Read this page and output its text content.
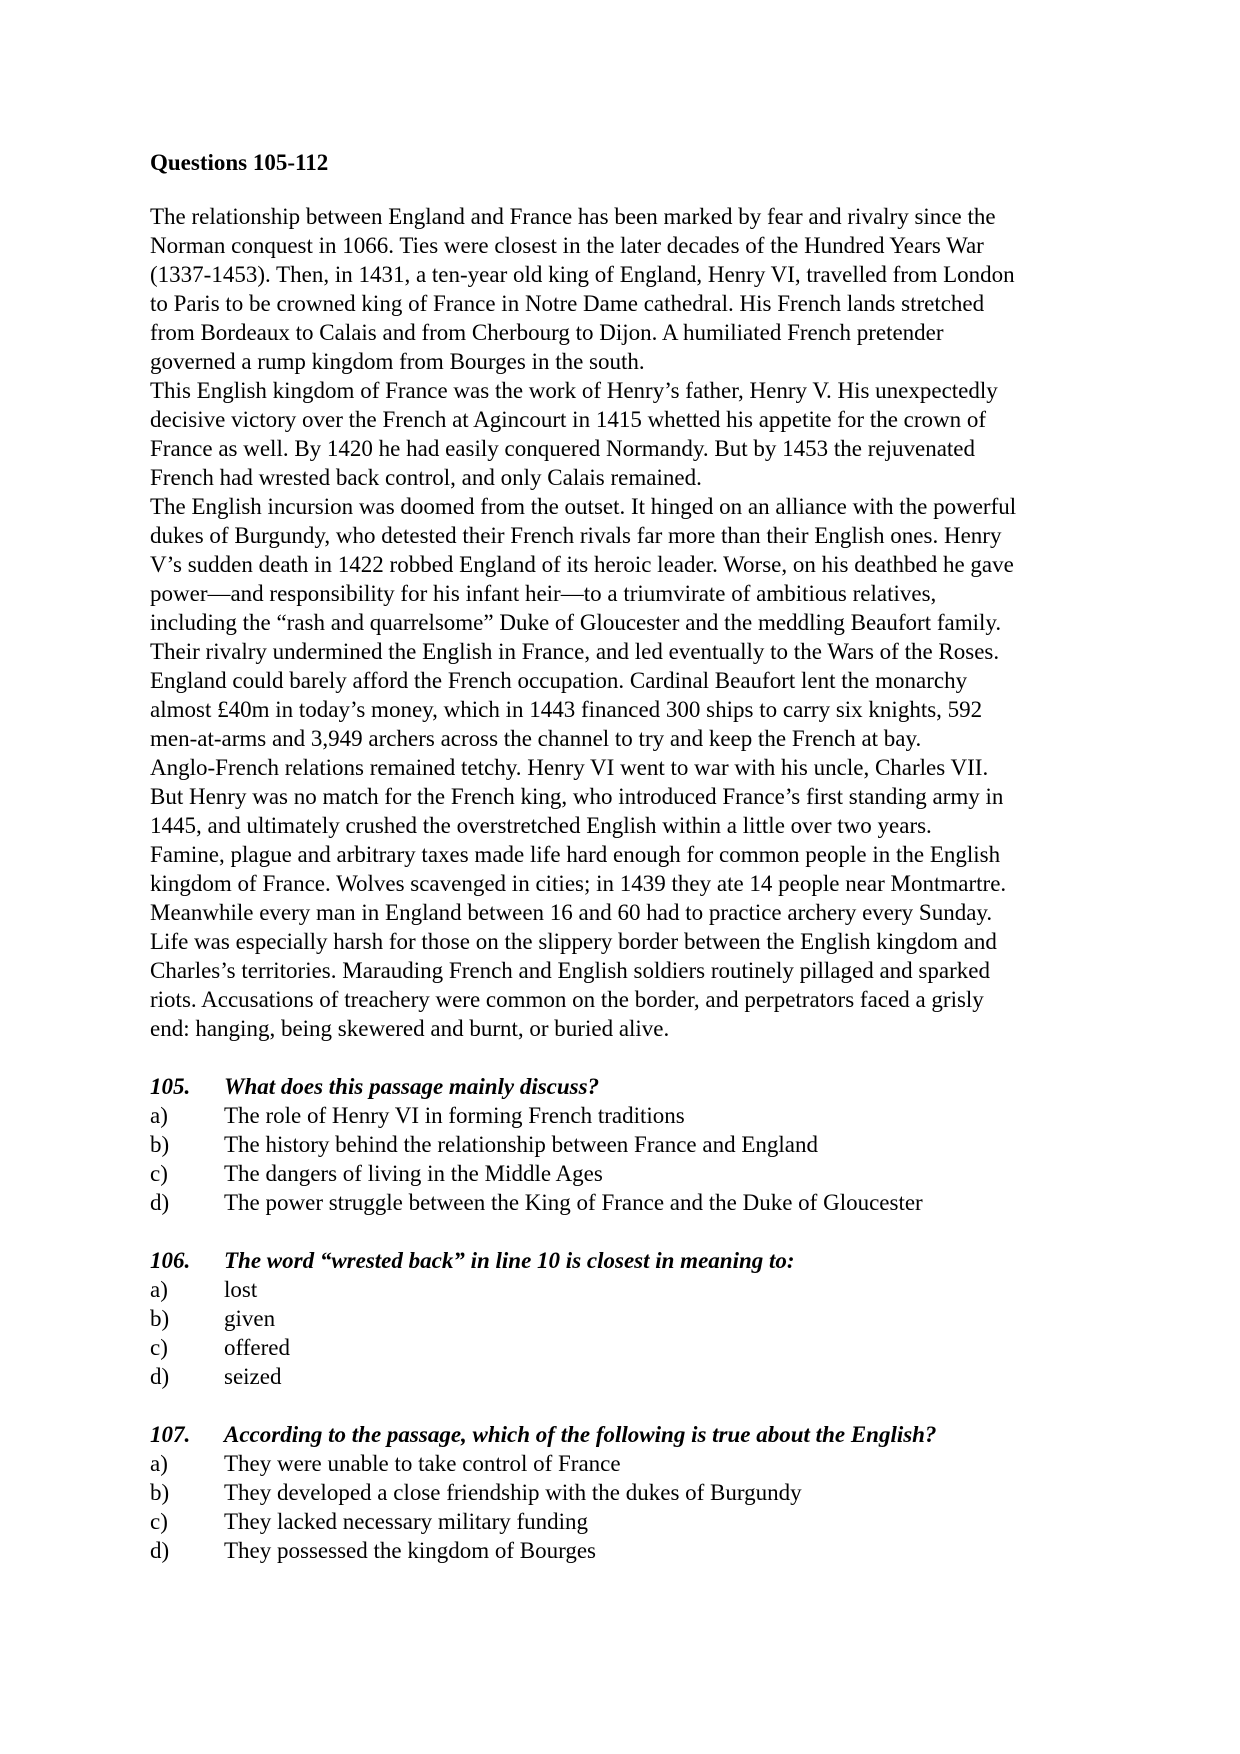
Questions 105-112
The relationship between England and France has been marked by fear and rivalry since the
Norman conquest in 1066. Ties were closest in the later decades of the Hundred Years War
(1337-1453). Then, in 1431, a ten-year old king of England, Henry VI, travelled from London
to Paris to be crowned king of France in Notre Dame cathedral. His French lands stretched
from Bordeaux to Calais and from Cherbourg to Dijon. A humiliated French pretender
governed a rump kingdom from Bourges in the south.
This English kingdom of France was the work of Henry’s father, Henry V. His unexpectedly
decisive victory over the French at Agincourt in 1415 whetted his appetite for the crown of
France as well. By 1420 he had easily conquered Normandy. But by 1453 the rejuvenated
French had wrested back control, and only Calais remained.
The English incursion was doomed from the outset. It hinged on an alliance with the powerful
dukes of Burgundy, who detested their French rivals far more than their English ones. Henry
V’s sudden death in 1422 robbed England of its heroic leader. Worse, on his deathbed he gave
power—and responsibility for his infant heir—to a triumvirate of ambitious relatives,
including the “rash and quarrelsome” Duke of Gloucester and the meddling Beaufort family.
Their rivalry undermined the English in France, and led eventually to the Wars of the Roses.
England could barely afford the French occupation. Cardinal Beaufort lent the monarchy
almost £40m in today’s money, which in 1443 financed 300 ships to carry six knights, 592
men-at-arms and 3,949 archers across the channel to try and keep the French at bay.
Anglo-French relations remained tetchy. Henry VI went to war with his uncle, Charles VII.
But Henry was no match for the French king, who introduced France’s first standing army in
1445, and ultimately crushed the overstretched English within a little over two years.
Famine, plague and arbitrary taxes made life hard enough for common people in the English
kingdom of France. Wolves scavenged in cities; in 1439 they ate 14 people near Montmartre.
Meanwhile every man in England between 16 and 60 had to practice archery every Sunday.
Life was especially harsh for those on the slippery border between the English kingdom and
Charles’s territories. Marauding French and English soldiers routinely pillaged and sparked
riots. Accusations of treachery were common on the border, and perpetrators faced a grisly
end: hanging, being skewered and burnt, or buried alive.
105.	What does this passage mainly discuss?
a)	The role of Henry VI in forming French traditions
b)	The history behind the relationship between France and England
c)	The dangers of living in the Middle Ages
d)	The power struggle between the King of France and the Duke of Gloucester
106.	The word “wrested back” in line 10 is closest in meaning to:
a)	lost
b)	given
c)	offered
d)	seized
107.	According to the passage, which of the following is true about the English?
a)	They were unable to take control of France
b)	They developed a close friendship with the dukes of Burgundy
c)	They lacked necessary military funding
d)	They possessed the kingdom of Bourges
